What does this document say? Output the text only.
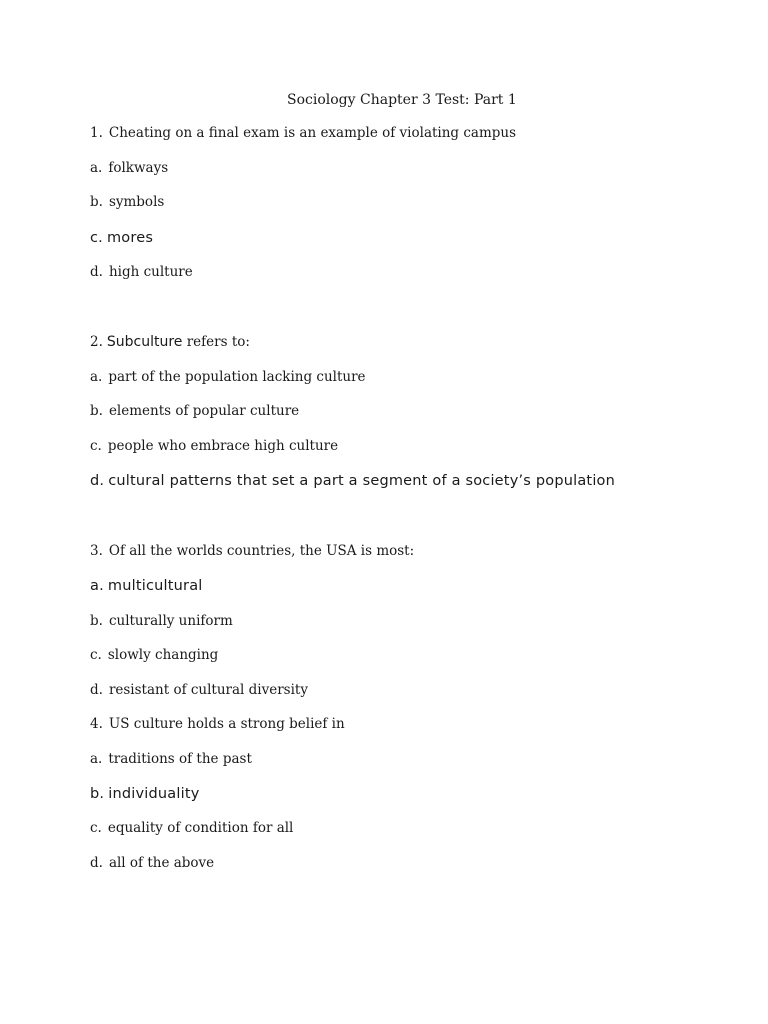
Sociology Chapter 3 Test: Part 1
1. Cheating on a final exam is an example of violating campus
a. folkways
b. symbols
c. mores
d. high culture
2. Subculture refers to:
a. part of the population lacking culture
b. elements of popular culture
c. people who embrace high culture
d. cultural patterns that set a part a segment of a society’s population
3. Of all the worlds countries, the USA is most:
a. multicultural
b. culturally uniform
c. slowly changing
d. resistant of cultural diversity
4. US culture holds a strong belief in
a. traditions of the past
b. individuality
c. equality of condition for all
d. all of the above
